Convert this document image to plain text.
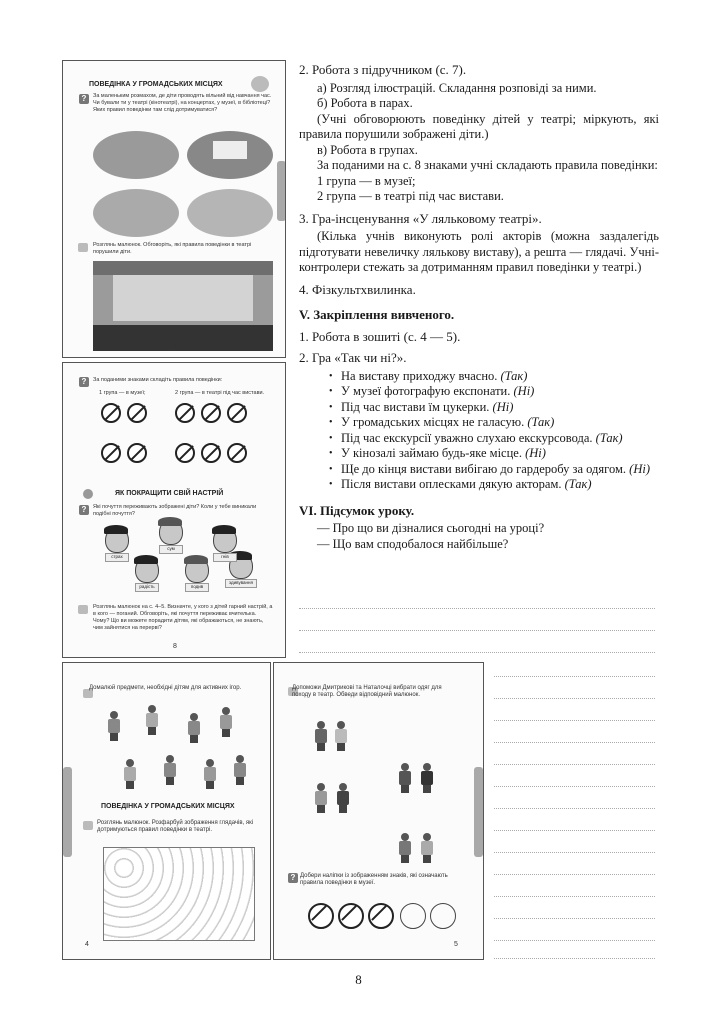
ПОВЕДІНКА У ГРОМАДСЬКИХ МІСЦЯХ
?	За маленьким розмахом, де діти проводять вільний від навчання час. Чи бували ти у театрі (кінотеатрі), на концертах, у музеї, в бібліотеці? Яких правил поведінки там слід дотримуватися?
Розглянь малюнок. Обговоріть, які правила поведінки в театрі порушили діти.
7
?	За поданими знаками складіть правила поведінки:
1 група — в музеї;	2 група — в театрі під час вистави.
ЯК ПОКРАЩИТИ СВІЙ НАСТРІЙ
?	Які почуття переживають зображені діти? Коли у тебе виникали подібні почуття?
страх
сум
гнів
радість	подив
здивування
Розглянь малюнок на с. 4–5. Визначте, у кого з дітей гарний настрій, а в кого — поганий. Обговоріть, які почуття переживає вчителька. Чому? Що ви можете порадити дітям, які ображаються, не знають, чим зайнятися на перерві?
8
Домалюй предмети, необхідні дітям для активних ігор.
ПОВЕДІНКА У ГРОМАДСЬКИХ МІСЦЯХ
Розглянь малюнок. Розфарбуй зображення глядачів, які дотримуються правил поведінки в театрі.
4
Допоможи Дмитрикові та Наталочці вибрати одяг для походу в театр. Обведи відповідний малюнок.
? Добери наліпки із зображенням знаків, які означають правила поведінки в музеї.
5

2. Робота з підручником (с. 7).

а) Розгляд ілюстрацій. Складання розповіді за ними.

б) Робота в парах.

(Учні обговорюють поведінку дітей у театрі; міркують, які правила порушили зображені діти.)

в) Робота в групах.

За поданими на с. 8 знаками учні складають правила поведінки:

1 група — в музеї;

2 група — в театрі під час вистави.

3. Гра-інсценування «У ляльковому театрі».

(Кілька учнів виконують ролі акторів (можна заздалегідь підготувати невеличку лялькову виставу), а решта — глядачі. Учні-контролери стежать за дотриманням правил поведінки у театрі.)

4. Фізкультхвилинка.

V. Закріплення вивченого.

1. Робота в зошиті (с. 4 — 5).

2. Гра «Так чи ні?».

• На виставу приходжу вчасно. (Так)
• У музеї фотографую експонати. (Ні)
• Під час вистави їм цукерки. (Ні)
• У громадських місцях не галасую. (Так)
• Під час екскурсії уважно слухаю екскурсовода. (Так)
• У кінозалі займаю будь-яке місце. (Ні)
• Ще до кінця вистави вибігаю до гардеробу за одягом. (Ні)
• Після вистави оплесками дякую акторам. (Так)

VI. Підсумок уроку.

— Про що ви дізналися сьогодні на уроці?

— Що вам сподобалося найбільше?

8
